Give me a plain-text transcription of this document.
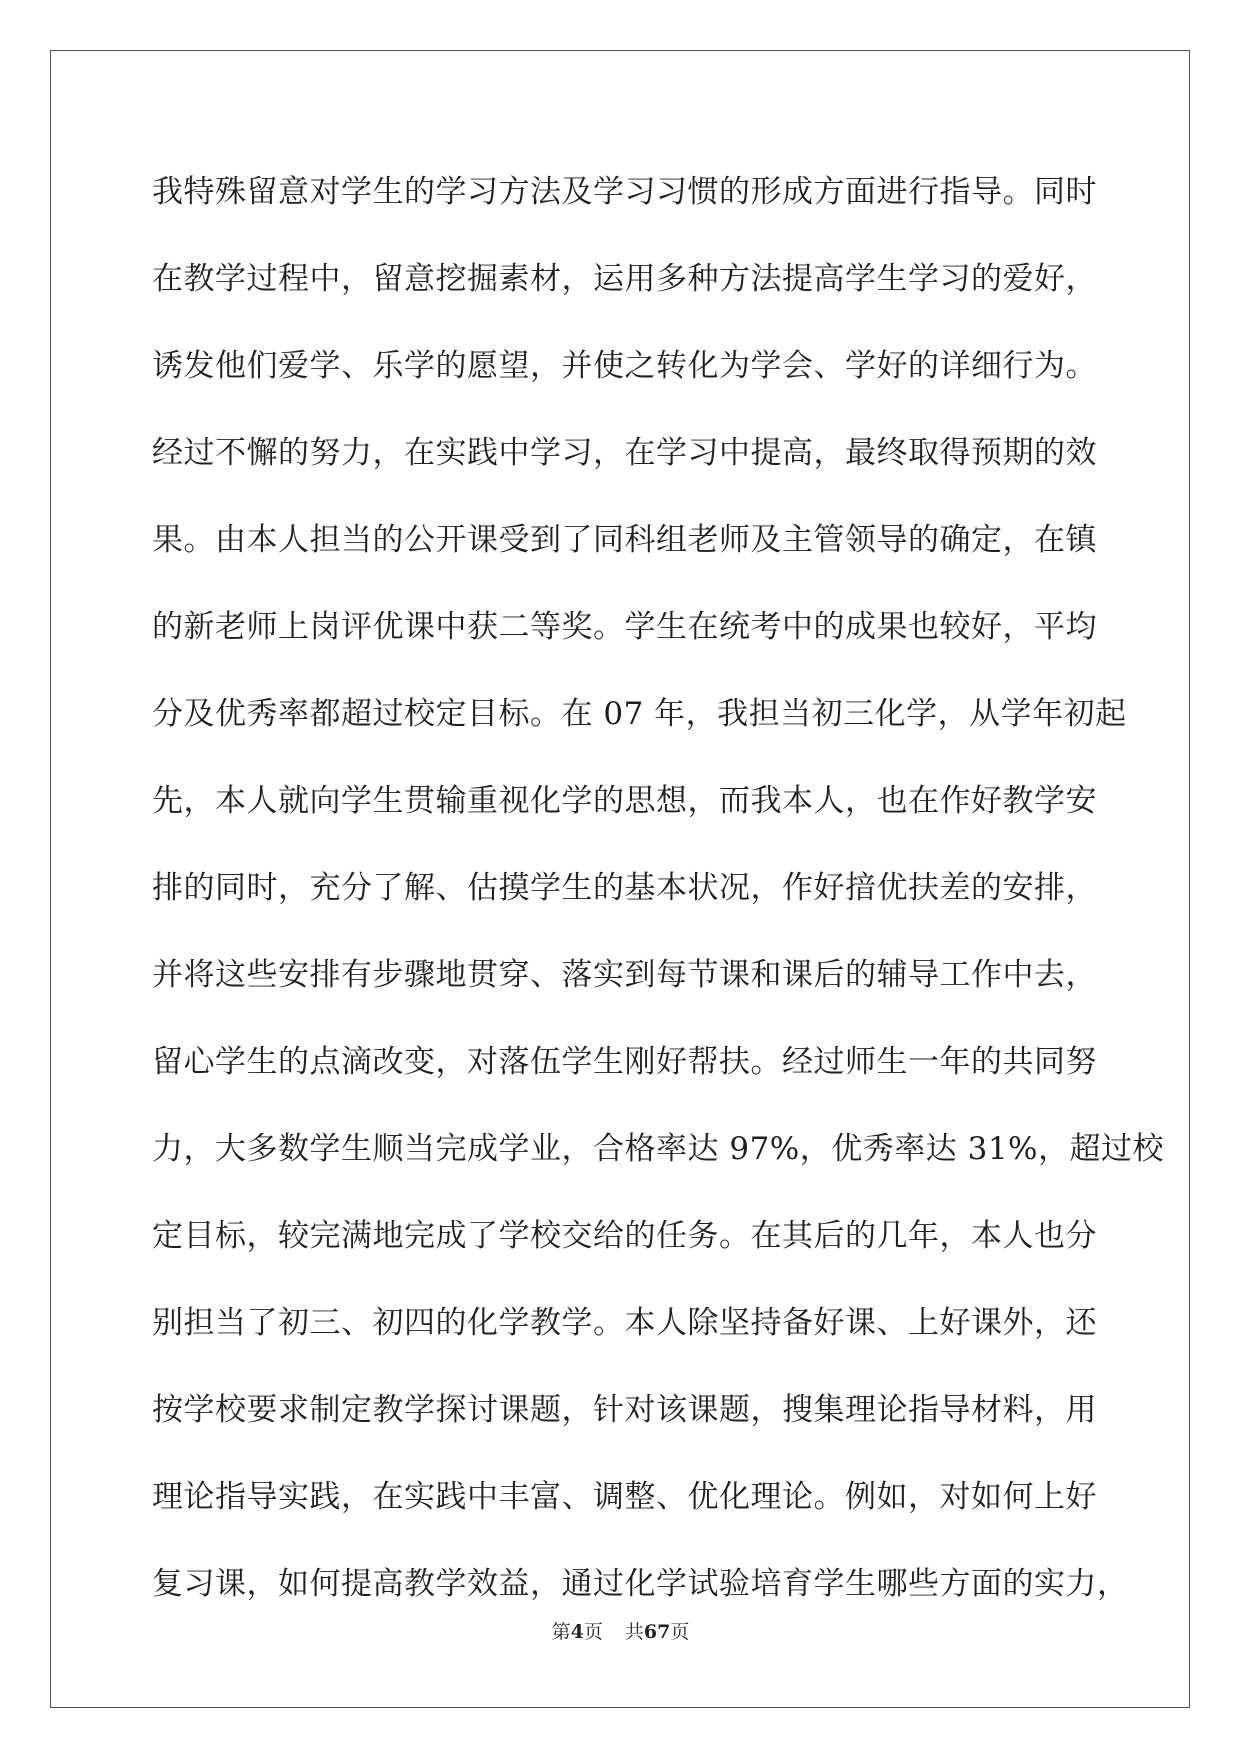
我特殊留意对学生的学习方法及学习习惯的形成方面进行指导。同时
在教学过程中，留意挖掘素材，运用多种方法提高学生学习的爱好，
诱发他们爱学、乐学的愿望，并使之转化为学会、学好的详细行为。
经过不懈的努力，在实践中学习，在学习中提高，最终取得预期的效
果。由本人担当的公开课受到了同科组老师及主管领导的确定，在镇
的新老师上岗评优课中获二等奖。学生在统考中的成果也较好，平均
分及优秀率都超过校定目标。在 07 年，我担当初三化学，从学年初起
先，本人就向学生贯输重视化学的思想，而我本人，也在作好教学安
排的同时，充分了解、估摸学生的基本状况，作好揞优扶差的安排，
并将这些安排有步骤地贯穿、落实到每节课和课后的辅导工作中去，
留心学生的点滴改变，对落伍学生刚好帮扶。经过师生一年的共同努
力，大多数学生顺当完成学业，合格率达 97%，优秀率达 31%，超过校
定目标，较完满地完成了学校交给的任务。在其后的几年，本人也分
别担当了初三、初四的化学教学。本人除坚持备好课、上好课外，还
按学校要求制定教学探讨课题，针对该课题，搜集理论指导材料，用
理论指导实践，在实践中丰富、调整、优化理论。例如，对如何上好
复习课，如何提高教学效益，通过化学试验培育学生哪些方面的实力，
第4页 共67页
